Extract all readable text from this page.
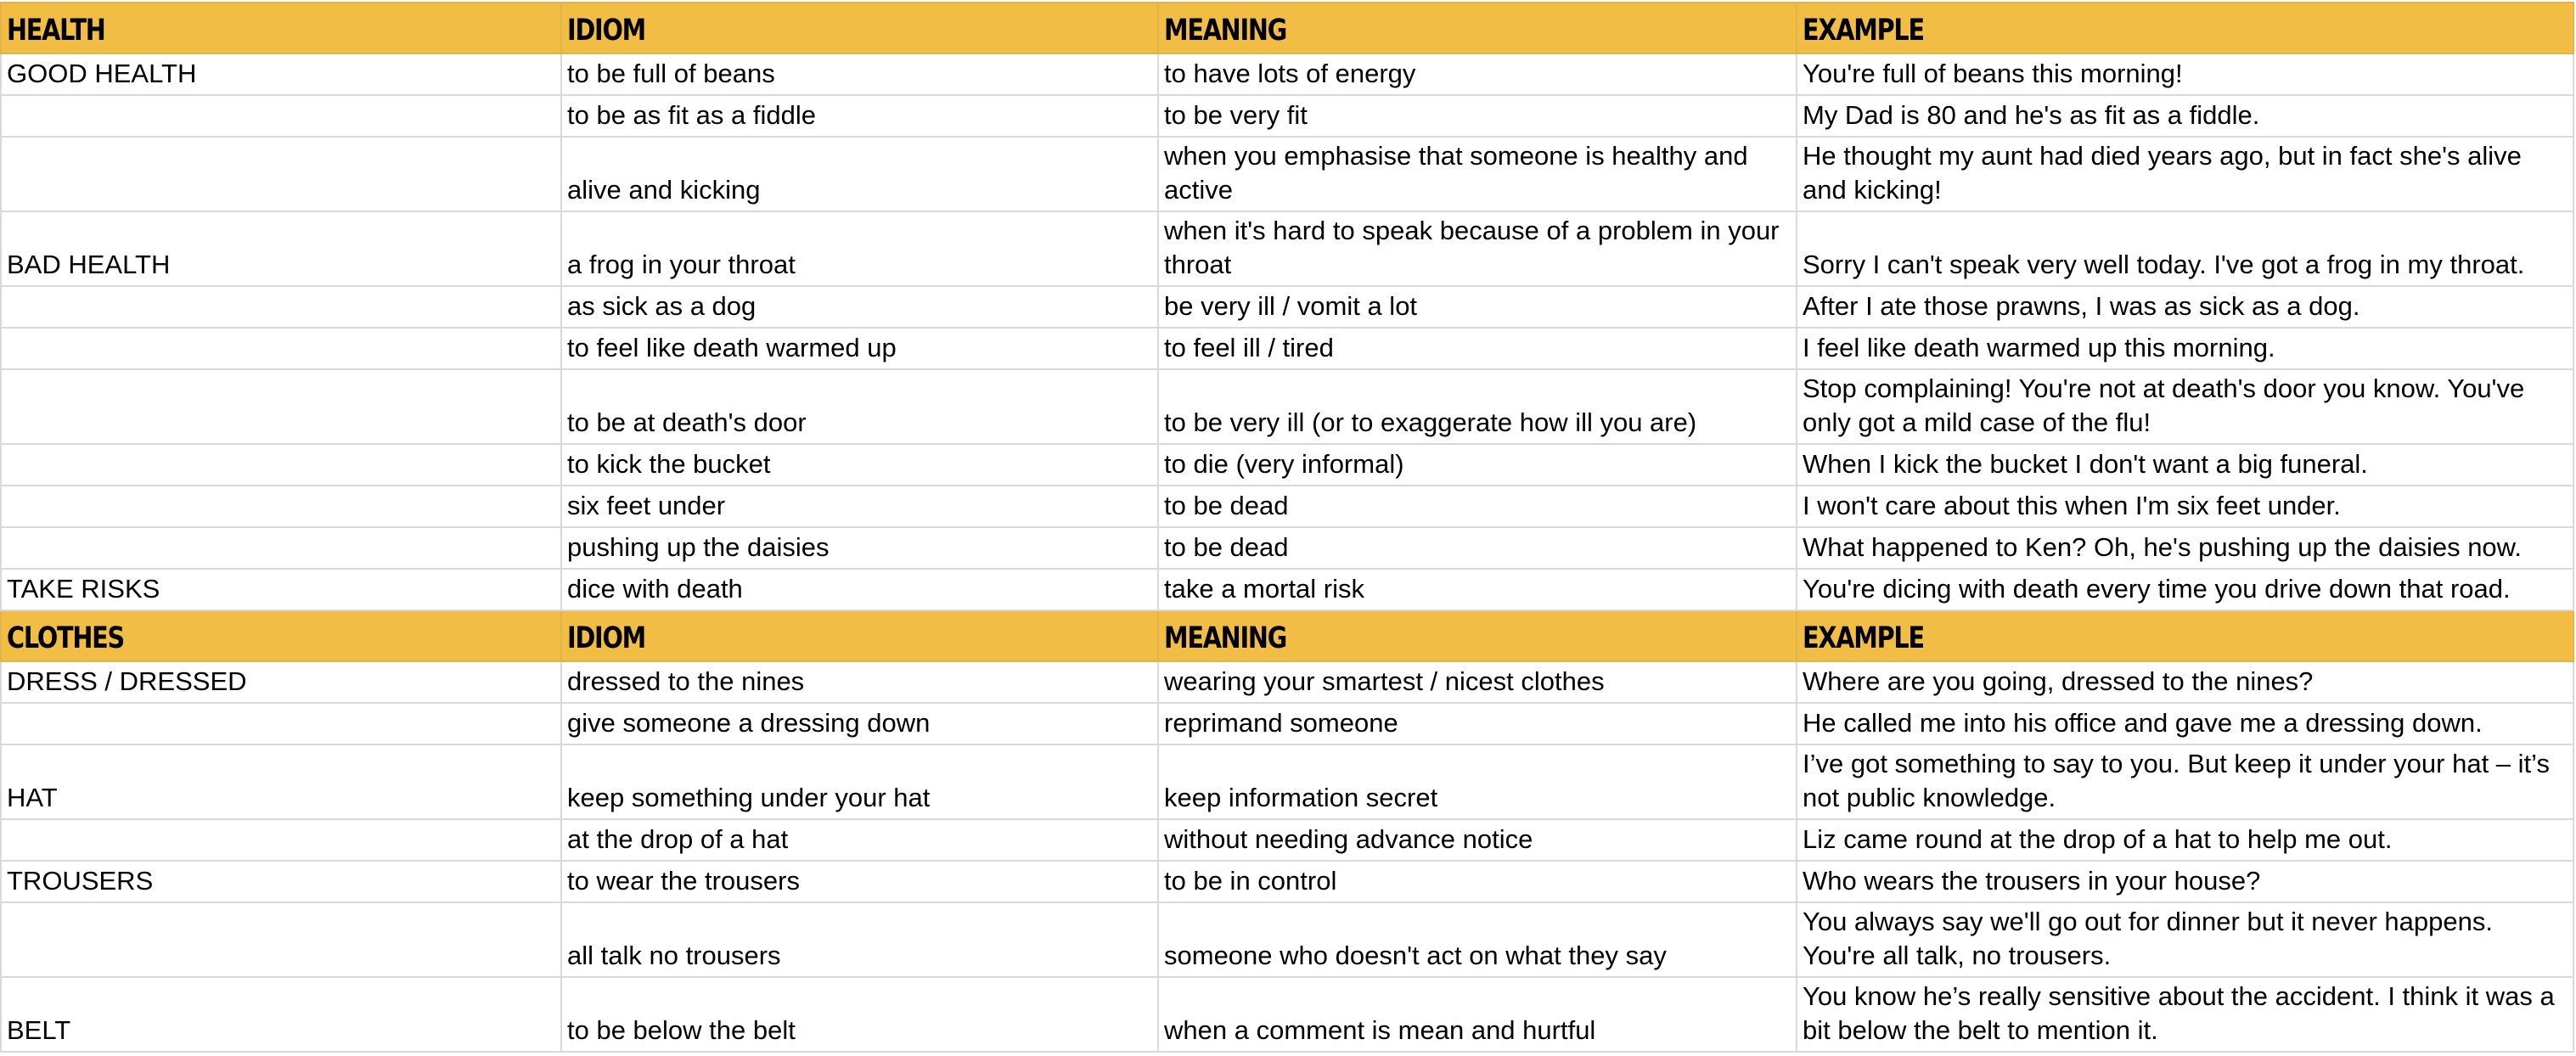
HEALTH	IDIOM	MEANING	EXAMPLE
GOOD HEALTH	to be full of beans	to have lots of energy	You're full of beans this morning!
	to be as fit as a fiddle	to be very fit	My Dad is 80 and he's as fit as a fiddle.
	alive and kicking	when you emphasise that someone is healthy and active	He thought my aunt had died years ago, but in fact she's alive and kicking!
BAD HEALTH	a frog in your throat	when it's hard to speak because of a problem in your throat	Sorry I can't speak very well today. I've got a frog in my throat.
	as sick as a dog	be very ill / vomit a lot	After I ate those prawns, I was as sick as a dog.
	to feel like death warmed up	to feel ill / tired	I feel like death warmed up this morning.
	to be at death's door	to be very ill (or to exaggerate how ill you are)	Stop complaining! You're not at death's door you know. You've only got a mild case of the flu!
	to kick the bucket	to die (very informal)	When I kick the bucket I don't want a big funeral.
	six feet under	to be dead	I won't care about this when I'm six feet under.
	pushing up the daisies	to be dead	What happened to Ken? Oh, he's pushing up the daisies now.
TAKE RISKS	dice with death	take a mortal risk	You're dicing with death every time you drive down that road.
CLOTHES	IDIOM	MEANING	EXAMPLE
DRESS / DRESSED	dressed to the nines	wearing your smartest / nicest clothes	Where are you going, dressed to the nines?
	give someone a dressing down	reprimand someone	He called me into his office and gave me a dressing down.
HAT	keep something under your hat	keep information secret	I’ve got something to say to you. But keep it under your hat – it’s not public knowledge.
	at the drop of a hat	without needing advance notice	Liz came round at the drop of a hat to help me out.
TROUSERS	to wear the trousers	to be in control	Who wears the trousers in your house?
	all talk no trousers	someone who doesn't act on what they say	You always say we'll go out for dinner but it never happens. You're all talk, no trousers.
BELT	to be below the belt	when a comment is mean and hurtful	You know he’s really sensitive about the accident. I think it was a bit below the belt to mention it.
